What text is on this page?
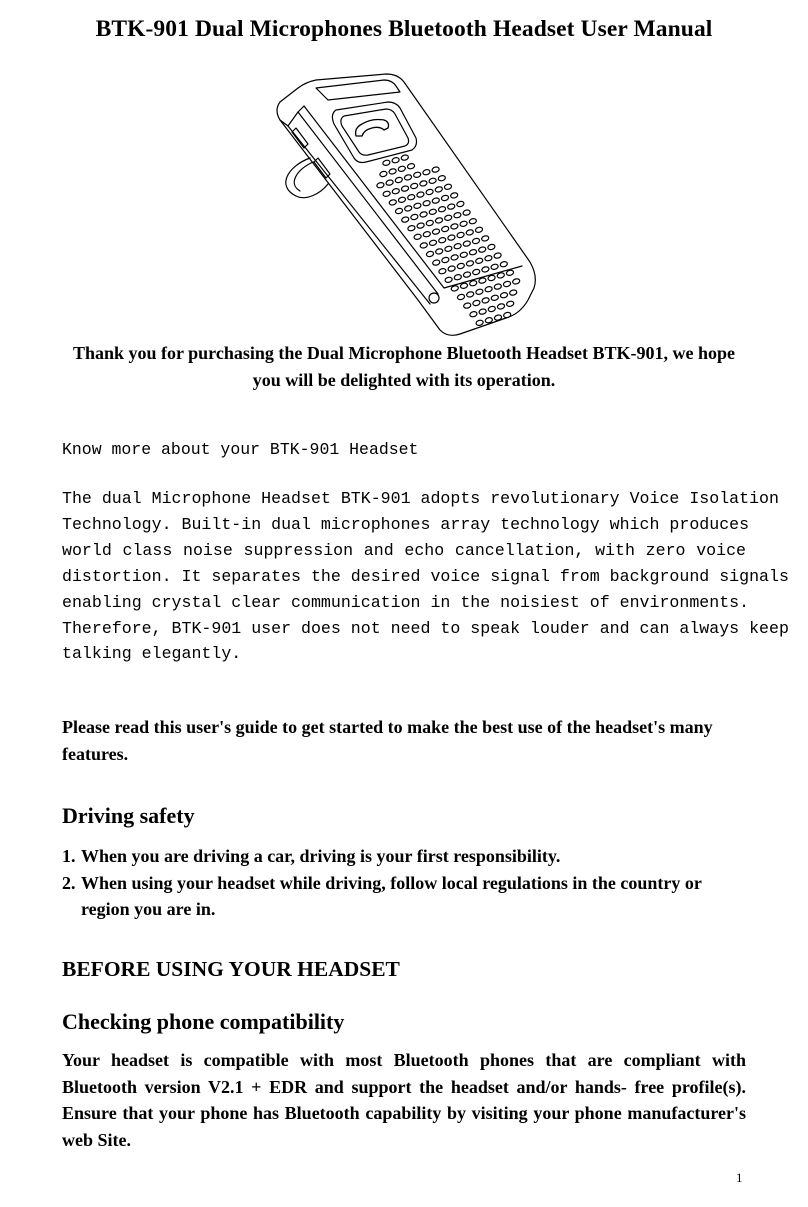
BTK-901 Dual Microphones Bluetooth Headset User Manual
Thank you for purchasing the Dual Microphone Bluetooth Headset BTK-901, we hope you will be delighted with its operation.
Know more about your BTK-901 Headset
The dual Microphone Headset BTK-901 adopts revolutionary Voice Isolation
Technology. Built-in dual microphones array technology which produces
world class noise suppression and echo cancellation, with zero voice
distortion. It separates the desired voice signal from background signals
enabling crystal clear communication in the noisiest of environments.
Therefore, BTK-901 user does not need to speak louder and can always keep
talking elegantly.
Please read this user's guide to get started to make the best use of the headset's many features.
Driving safety
1. When you are driving a car, driving is your first responsibility.
2. When using your headset while driving, follow local regulations in the country or region you are in.
BEFORE USING YOUR HEADSET
Checking phone compatibility
Your headset is compatible with most Bluetooth phones that are compliant with Bluetooth version V2.1 + EDR and support the headset and/or hands- free profile(s). Ensure that your phone has Bluetooth capability by visiting your phone manufacturer's web Site.
1
